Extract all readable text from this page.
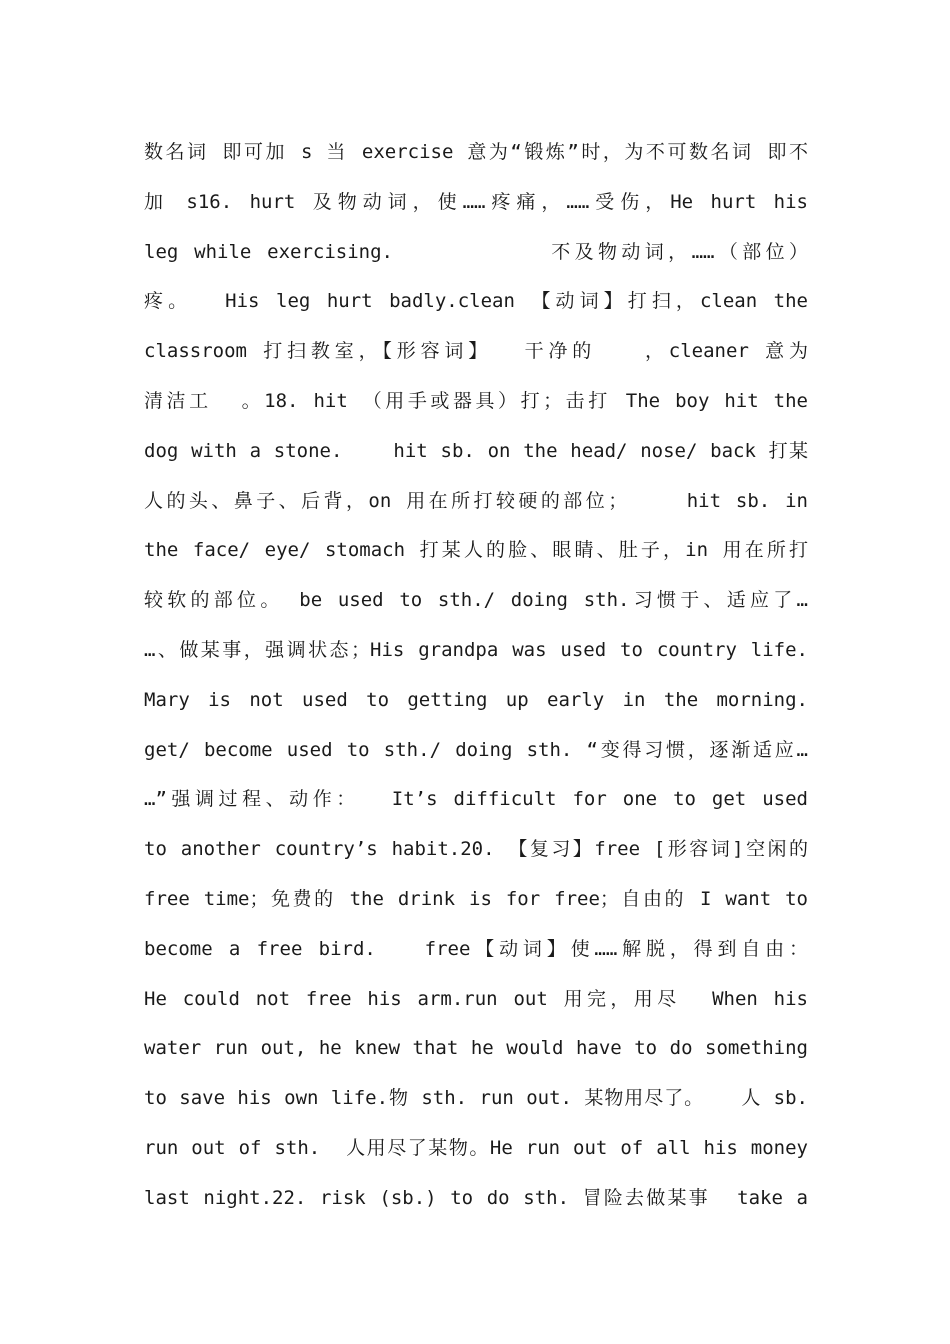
数名词 即可加 s 当 exercise 意为“锻炼”时，为不可数名词 即不
加 s16. hurt 及物动词，使……疼痛，……受伤，He hurt his
leg while exercising.          不及物动词，……（部位）
疼。  His leg hurt badly.clean 【动词】打扫，clean the
classroom 打扫教室，【形容词】  干净的   ，cleaner 意为
清洁工  。18. hit （用手或器具）打；击打 The boy hit the
dog with a stone.    hit sb. on the head/ nose/ back 打某
人的头、鼻子、后背，on 用在所打较硬的部位；    hit sb. in
the face/ eye/ stomach 打某人的脸、眼睛、肚子，in 用在所打
较软的部位。 be used to sth./ doing sth.习惯于、适应了…
…、做某事，强调状态；His grandpa was used to country life.
Mary is not used to getting up early in the morning.
get/ become used to sth./ doing sth. “变得习惯，逐渐适应…
…”强调过程、动作：  It’s difficult for one to get used
to another country’s habit.20. 【复习】free [形容词]空闲的
free time；免费的 the drink is for free；自由的 I want to
become a free bird.   free【动词】使……解脱，得到自由：
He could not free his arm.run out 用完，用尽  When his
water run out, he knew that he would have to do something
to save his own life.物 sth. run out. 某物用尽了。   人 sb.
run out of sth.  人用尽了某物。He run out of all his money
last night.22. risk (sb.) to do sth. 冒险去做某事  take a
